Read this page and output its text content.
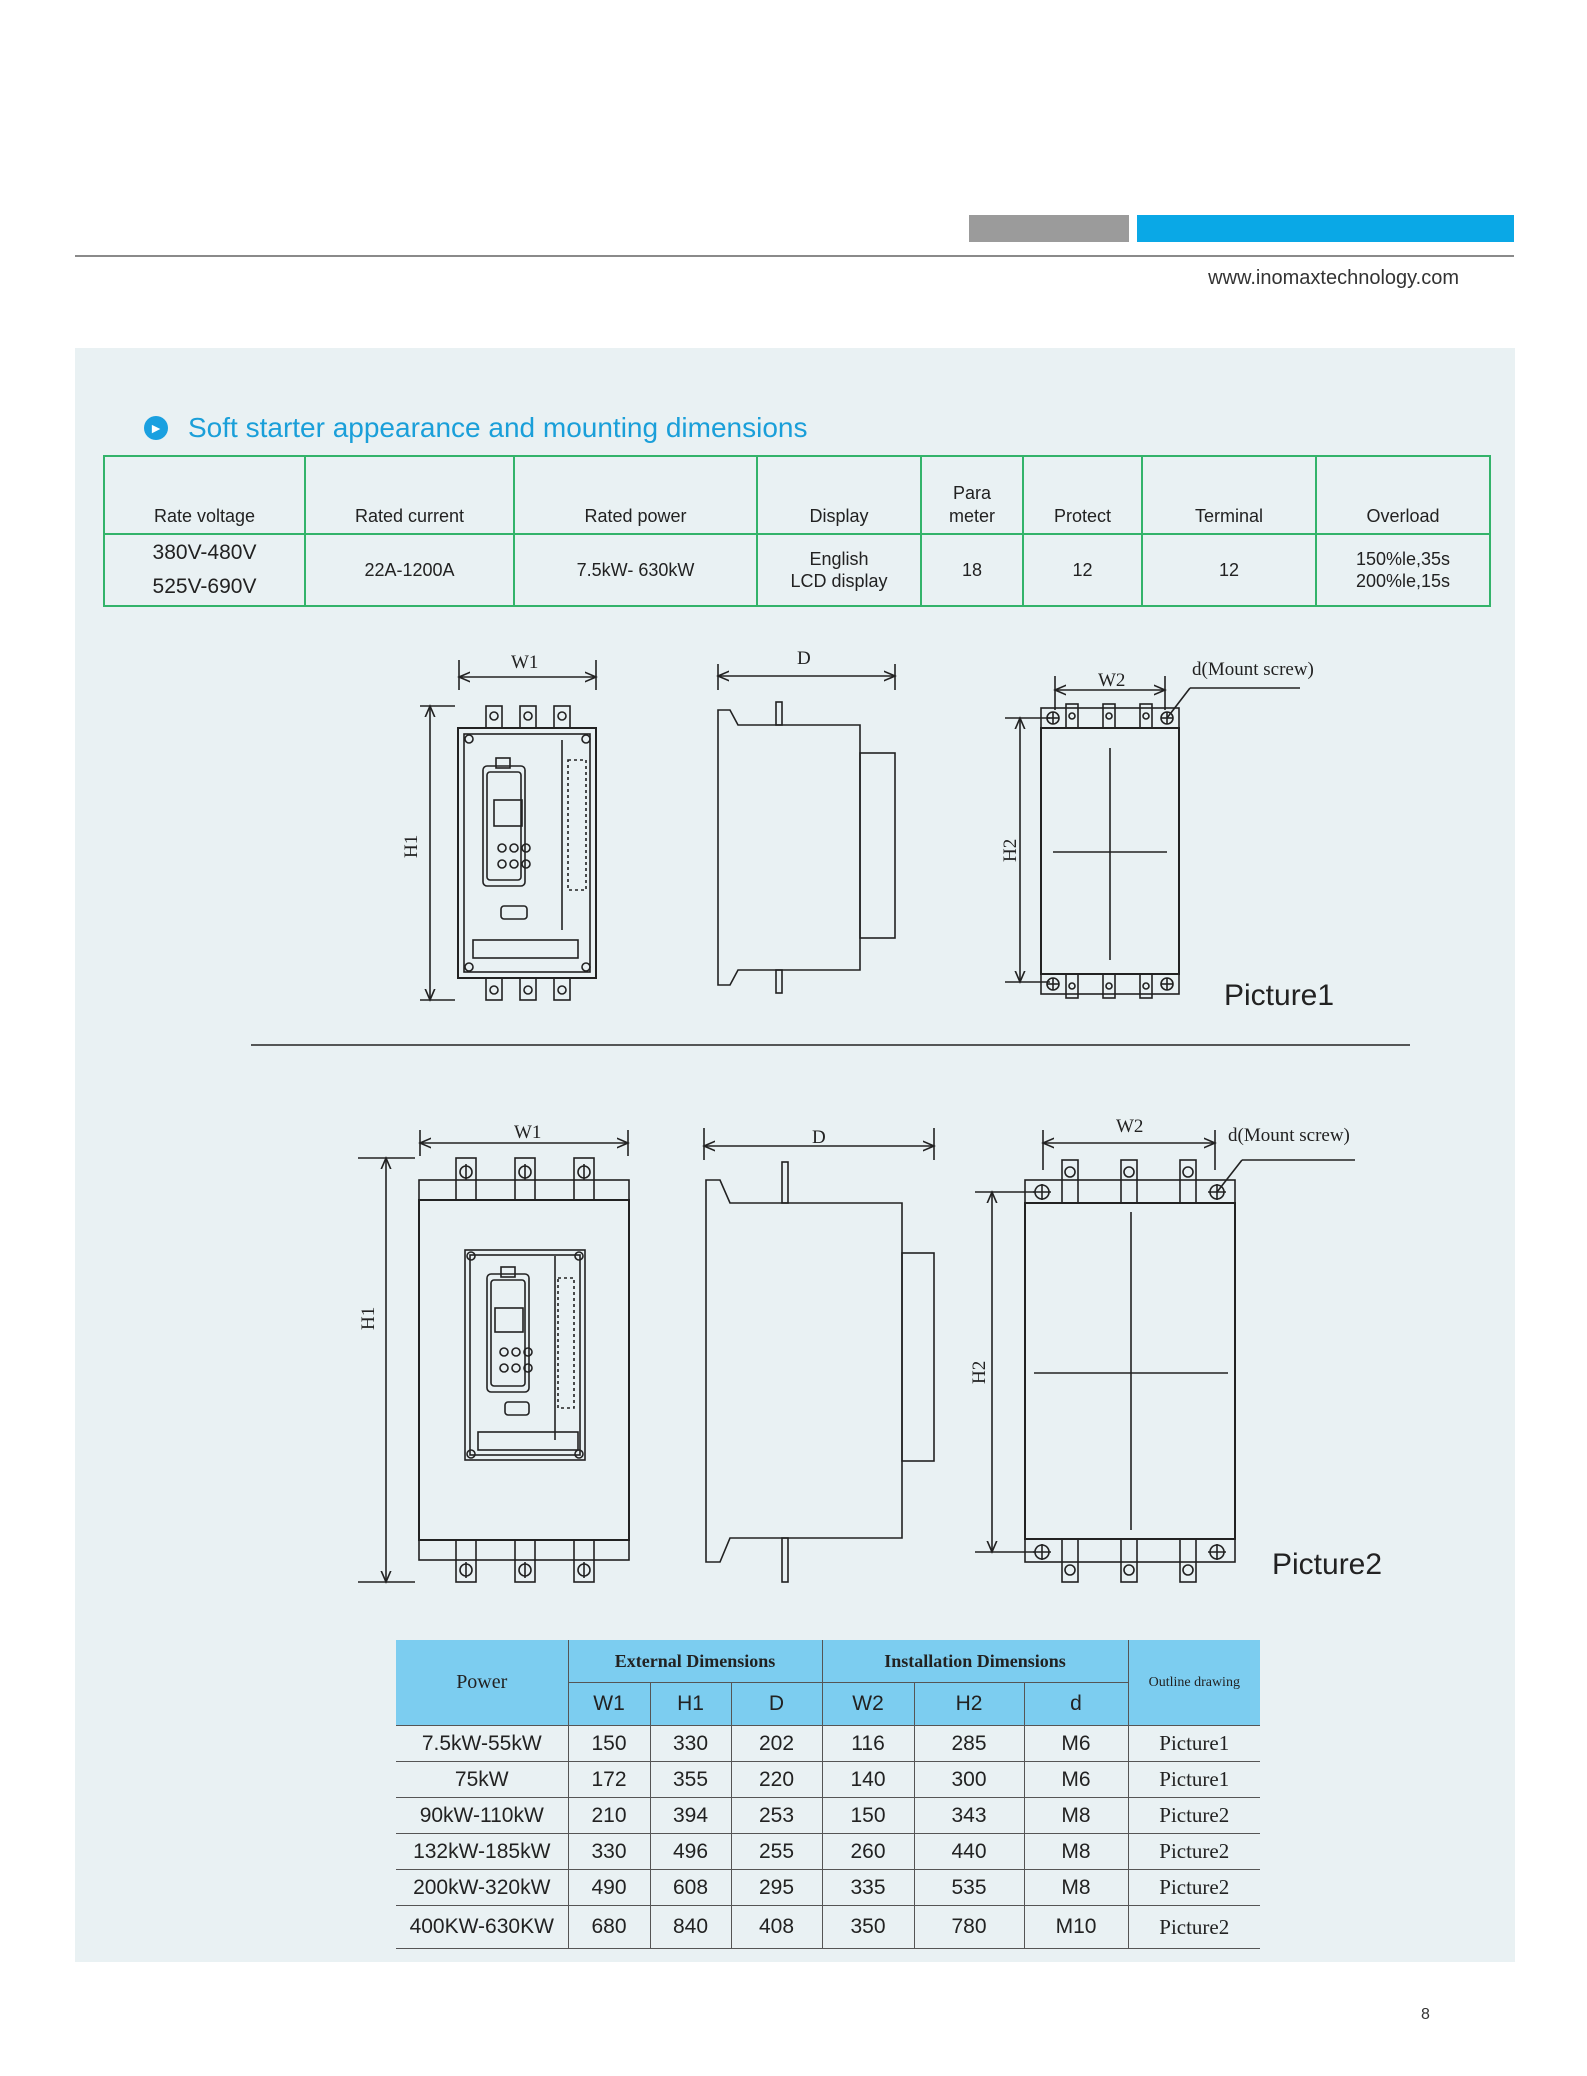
www.inomaxtechnology.com
► Soft starter appearance and mounting dimensions
Rate voltage	Rated current	Rated power	Display	Para
meter	Protect	Terminal	Overload

380V-480V
525V-690V	22A-1200A	7.5kW- 630kW	English
LCD display	18	12	12	150%le,35s
200%le,15s
W1
H1
D
W2
H2
d(Mount screw)
Picture1
W1
H1
D
W2
H2
d(Mount screw)
Picture2
Power	External Dimensions			Installation Dimensions			Outline drawing
	W1	H1	D	W2	H2	d	
7.5kW-55kW	150	330	202	116	285	M6	Picture1
75kW	172	355	220	140	300	M6	Picture1
90kW-110kW	210	394	253	150	343	M8	Picture2
132kW-185kW	330	496	255	260	440	M8	Picture2
200kW-320kW	490	608	295	335	535	M8	Picture2
400KW-630KW	680	840	408	350	780	M10	Picture2
8
